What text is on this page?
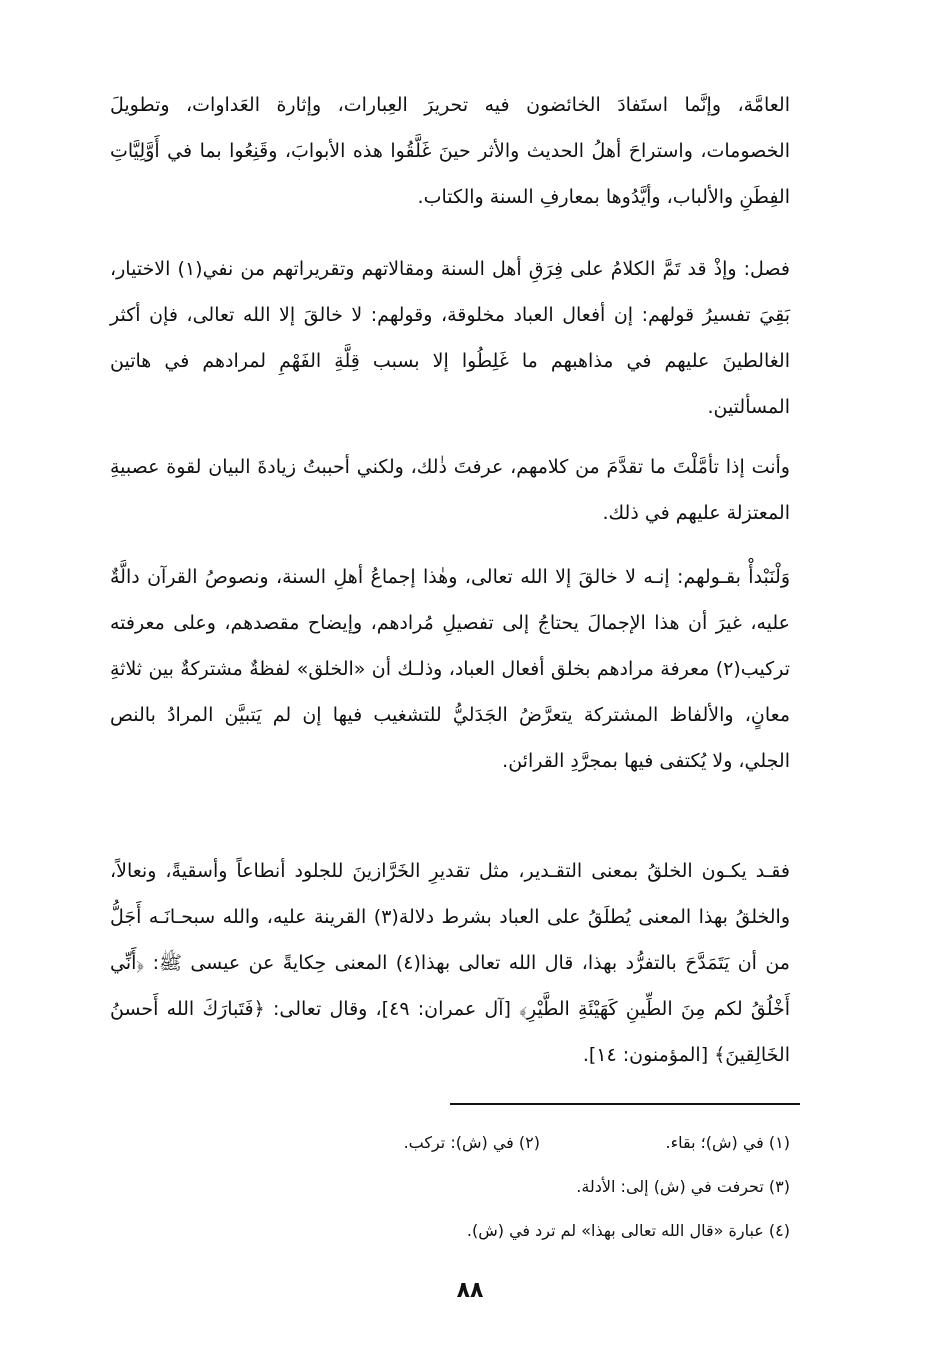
العامَّة، وإنَّما استَفادَ الخائضون فيه تحريرَ العِبارات، وإثارة العَداوات، وتطويلَ الخصومات، واستراحَ أهلُ الحديث والأثر حينَ غَلَّقُوا هذه الأبوابَ، وقَنِعُوا بما في أَوَّلِيَّاتِ الفِطَنِ والألباب، وأيَّدُوها بمعارفِ السنة والكتاب.

فصل: وإذْ قد تَمَّ الكلامُ على فِرَقِ أهل السنة ومقالاتهم وتقريراتهم من نفي(١) الاختيار، بَقِيَ تفسيرُ قولهم: إن أفعال العباد مخلوقة، وقولهم: لا خالقَ إلا الله تعالى، فإن أكثر الغالطينَ عليهم في مذاهبهم ما غَلِطُوا إلا بسبب قِلَّةِ الفَهْمِ لمرادهم في هاتين المسألتين.

وأنت إذا تأمَّلْتَ ما تقدَّمَ من كلامهم، عرفتَ ذٰلك، ولكني أحببتُ زيادةَ البيان لقوة عصبيةِ المعتزلة عليهم في ذلك.

وَلْنَبْدأْ بقـولهم: إنـه لا خالقَ إلا الله تعالى، وهٰذا إجماعُ أهلِ السنة، ونصوصُ القرآن دالَّةٌ عليه، غيرَ أن هذا الإجمالَ يحتاجُ إلى تفصيلِ مُرادهم، وإيضاح مقصدهم، وعلى معرفته تركيب(٢) معرفة مرادهم بخلق أفعال العباد، وذلـك أن «الخلق» لفظةٌ مشتركةٌ بين ثلاثةِ معانٍ، والألفاظ المشتركة يتعرَّضُ الجَدَليُّ للتشغيب فيها إن لم يَتبيَّن المرادُ بالنص الجلي، ولا يُكتفى فيها بمجرَّدِ القرائن.

فقـد يكـون الخلقُ بمعنى التقـدير، مثل تقديرِ الخَرَّازينَ للجلود أنطاعاً وأسقيةً، ونعالاً، والخلقُ بهذا المعنى يُطلَقُ على العباد بشرط دلالة(٣) القرينة عليه، والله سبحـانَـه أَجَلُّ من أن يَتَمَدَّحَ بالتفرُّد بهذا، قال الله تعالى بهذا(٤) المعنى حِكايةً عن عيسى ﷺ: ﴿أَنِّي أَخْلُقُ لكم مِنَ الطِّينِ كَهَيْئَةِ الطَّيْرِ﴾ [آل عمران: ٤٩]، وقال تعالى: ﴿فَتَبارَكَ الله أَحسنُ الخَالِقينَ﴾ [المؤمنون: ١٤].

(١) في (ش)؛ بقاء.
(٢) في (ش): تركب.
(٣) تحرفت في (ش) إلى: الأدلة.
(٤) عبارة «قال الله تعالى بهذا» لم ترد في (ش).
٨٨
